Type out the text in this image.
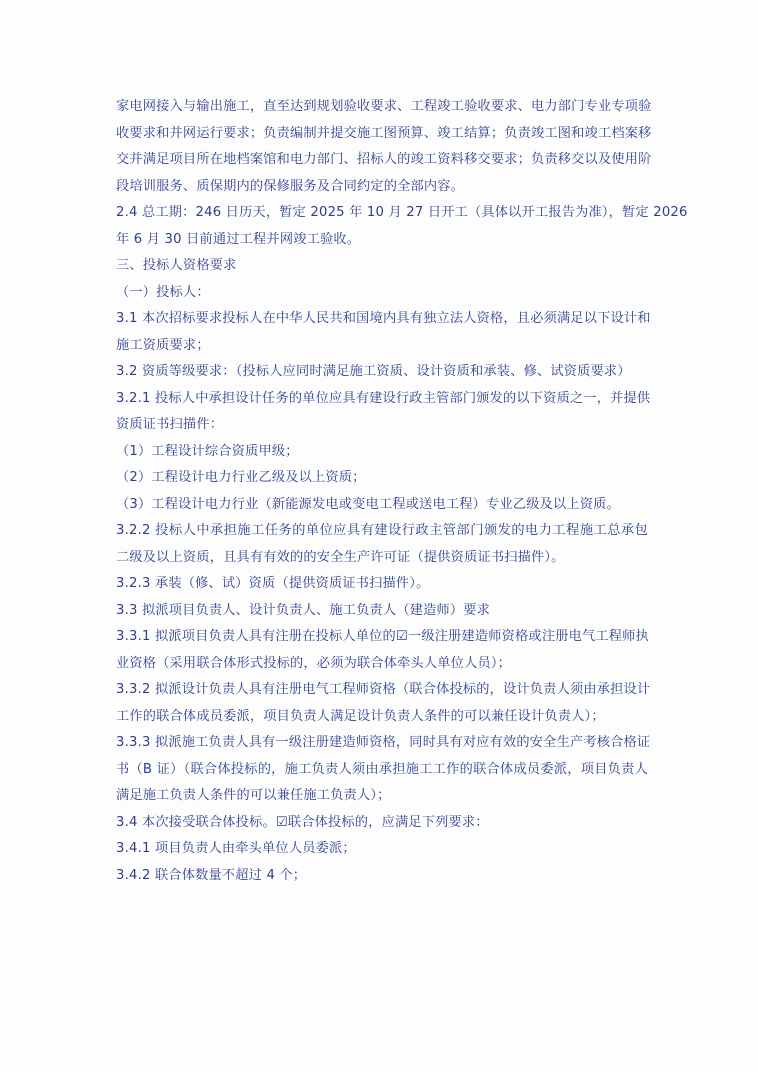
家电网接入与输出施工，直至达到规划验收要求、工程竣工验收要求、电力部门专业专项验
收要求和并网运行要求；负责编制并提交施工图预算、竣工结算；负责竣工图和竣工档案移
交并满足项目所在地档案馆和电力部门、招标人的竣工资料移交要求；负责移交以及使用阶
段培训服务、质保期内的保修服务及合同约定的全部内容。
2.4 总工期：246 日历天，暂定 2025 年 10 月 27 日开工（具体以开工报告为准），暂定 2026
年 6 月 30 日前通过工程并网竣工验收。
三、投标人资格要求
（一）投标人：
3.1 本次招标要求投标人在中华人民共和国境内具有独立法人资格，且必须满足以下设计和
施工资质要求；
3.2 资质等级要求：（投标人应同时满足施工资质、设计资质和承装、修、试资质要求）
3.2.1 投标人中承担设计任务的单位应具有建设行政主管部门颁发的以下资质之一，并提供
资质证书扫描件：
（1）工程设计综合资质甲级；
（2）工程设计电力行业乙级及以上资质；
（3）工程设计电力行业（新能源发电或变电工程或送电工程）专业乙级及以上资质。
3.2.2 投标人中承担施工任务的单位应具有建设行政主管部门颁发的电力工程施工总承包
二级及以上资质，且具有有效的的安全生产许可证（提供资质证书扫描件）。
3.2.3 承装（修、试）资质（提供资质证书扫描件）。
3.3 拟派项目负责人、设计负责人、施工负责人（建造师）要求
3.3.1 拟派项目负责人具有注册在投标人单位的☑一级注册建造师资格或注册电气工程师执
业资格（采用联合体形式投标的，必须为联合体牵头人单位人员）；
3.3.2 拟派设计负责人具有注册电气工程师资格（联合体投标的，设计负责人须由承担设计
工作的联合体成员委派，项目负责人满足设计负责人条件的可以兼任设计负责人）；
3.3.3 拟派施工负责人具有一级注册建造师资格，同时具有对应有效的安全生产考核合格证
书（B 证）（联合体投标的，施工负责人须由承担施工工作的联合体成员委派，项目负责人
满足施工负责人条件的可以兼任施工负责人）；
3.4 本次接受联合体投标。☑联合体投标的，应满足下列要求：
3.4.1 项目负责人由牵头单位人员委派；
3.4.2 联合体数量不超过 4 个；
